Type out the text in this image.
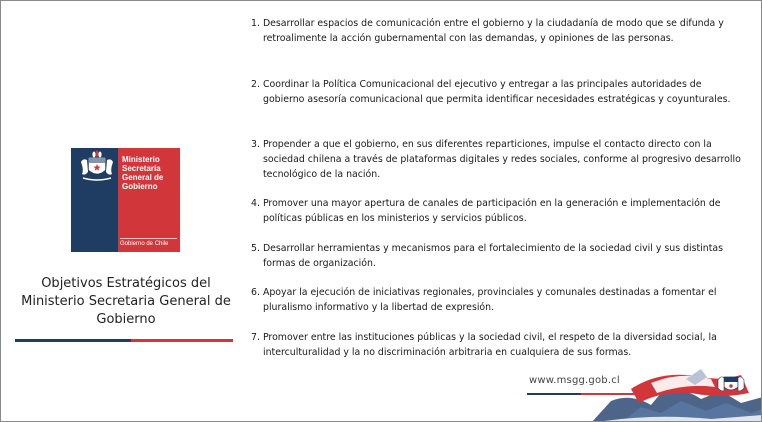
Ministerio
Secretaría
General de
Gobierno
Gobierno de Chile
Objetivos Estratégicos del Ministerio Secretaria General de Gobierno
1. Desarrollar espacios de comunicación entre el gobierno y la ciudadanía de modo que se difunda y retroalimente la acción gubernamental con las demandas, y opiniones de las personas.
2. Coordinar la Política Comunicacional del ejecutivo y entregar a las principales autoridades de gobierno asesoría comunicacional que permita identificar necesidades estratégicas y coyunturales.
3. Propender a que el gobierno, en sus diferentes reparticiones, impulse el contacto directo con la sociedad chilena a través de plataformas digitales y redes sociales, conforme al progresivo desarrollo tecnológico de la nación.
4. Promover una mayor apertura de canales de participación en la generación e implementación de políticas públicas en los ministerios y servicios públicos.
5. Desarrollar herramientas y mecanismos para el fortalecimiento de la sociedad civil y sus distintas formas de organización.
6. Apoyar la ejecución de iniciativas regionales, provinciales y comunales destinadas a fomentar el pluralismo informativo y la libertad de expresión.
7. Promover entre las instituciones públicas y la sociedad civil, el respeto de la diversidad social, la interculturalidad y la no discriminación arbitraria en cualquiera de sus formas.
www.msgg.gob.cl
